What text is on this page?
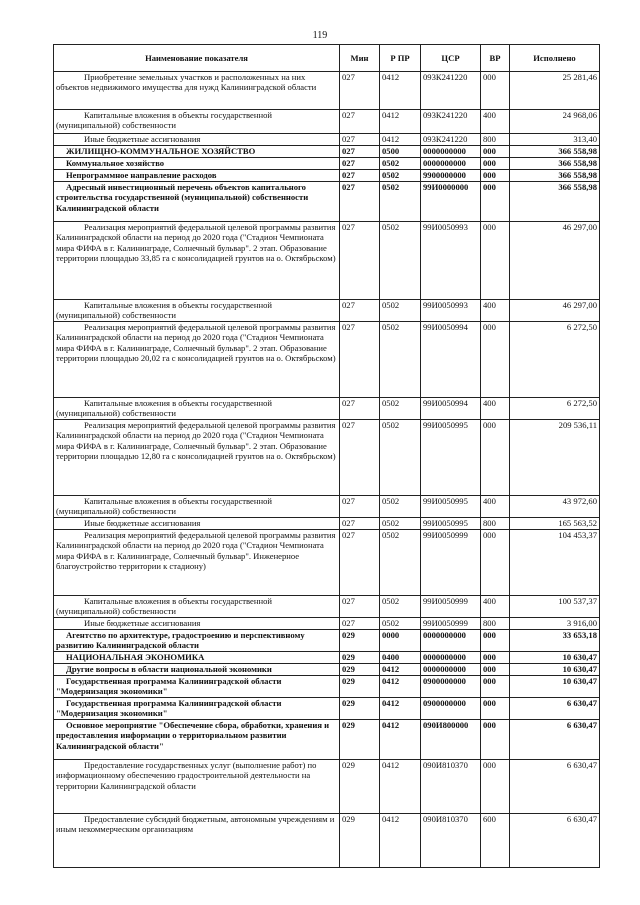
119
Наименование показателя	Мин	Р ПР	ЦСР	ВР	Исполнено
Приобретение земельных участков и расположенных на них объектов недвижимого имущества для нужд Калининградской области	027	0412	093К241220	000	25 281,46
Капитальные вложения в объекты государственной (муниципальной) собственности	027	0412	093К241220	400	24 968,06
Иные бюджетные ассигнования	027	0412	093К241220	800	313,40
ЖИЛИЩНО-КОММУНАЛЬНОЕ ХОЗЯЙСТВО	027	0500	0000000000	000	366 558,98
Коммунальное хозяйство	027	0502	0000000000	000	366 558,98
Непрограммное направление расходов	027	0502	9900000000	000	366 558,98
Адресный инвестиционный перечень объектов капитального строительства государственной (муниципальной) собственности Калининградской области	027	0502	99И0000000	000	366 558,98
Реализация мероприятий федеральной целевой программы развития Калининградской области на период до 2020 года ("Стадион Чемпионата мира ФИФА в г. Калининграде, Солнечный бульвар". 2 этап. Образование территории площадью 33,85 га с консолидацией грунтов на о. Октябрьском)	027	0502	99И0050993	000	46 297,00
Капитальные вложения в объекты государственной (муниципальной) собственности	027	0502	99И0050993	400	46 297,00
Реализация мероприятий федеральной целевой программы развития Калининградской области на период до 2020 года ("Стадион Чемпионата мира ФИФА в г. Калининграде, Солнечный бульвар". 2 этап. Образование территории площадью 20,02 га с консолидацией грунтов на о. Октябрьском)	027	0502	99И0050994	000	6 272,50
Капитальные вложения в объекты государственной (муниципальной) собственности	027	0502	99И0050994	400	6 272,50
Реализация мероприятий федеральной целевой программы развития Калининградской области на период до 2020 года ("Стадион Чемпионата мира ФИФА в г. Калининграде, Солнечный бульвар". 2 этап. Образование территории площадью 12,80 га с консолидацией грунтов на о. Октябрьском)	027	0502	99И0050995	000	209 536,11
Капитальные вложения в объекты государственной (муниципальной) собственности	027	0502	99И0050995	400	43 972,60
Иные бюджетные ассигнования	027	0502	99И0050995	800	165 563,52
Реализация мероприятий федеральной целевой программы развития Калининградской области на период до 2020 года ("Стадион Чемпионата мира ФИФА в г. Калининграде, Солнечный бульвар". Инженерное благоустройство территории к стадиону)	027	0502	99И0050999	000	104 453,37
Капитальные вложения в объекты государственной (муниципальной) собственности	027	0502	99И0050999	400	100 537,37
Иные бюджетные ассигнования	027	0502	99И0050999	800	3 916,00
Агентство по архитектуре, градостроению и перспективному развитию Калининградской области	029	0000	0000000000	000	33 653,18
НАЦИОНАЛЬНАЯ ЭКОНОМИКА	029	0400	0000000000	000	10 630,47
Другие вопросы в области национальной экономики	029	0412	0000000000	000	10 630,47
Государственная программа Калининградской области "Модернизация экономики"	029	0412	0900000000	000	10 630,47
Государственная программа Калининградской области "Модернизация экономики"	029	0412	0900000000	000	6 630,47
Основное мероприятие "Обеспечение сбора, обработки, хранения и предоставления информации о территориальном развитии Калининградской области"	029	0412	090И800000	000	6 630,47
Предоставление государственных услуг (выполнение работ) по информационному обеспечению градостроительной деятельности на территории Калининградской области	029	0412	090И810370	000	6 630,47
Предоставление субсидий бюджетным, автономным учреждениям и иным некоммерческим организациям	029	0412	090И810370	600	6 630,47
